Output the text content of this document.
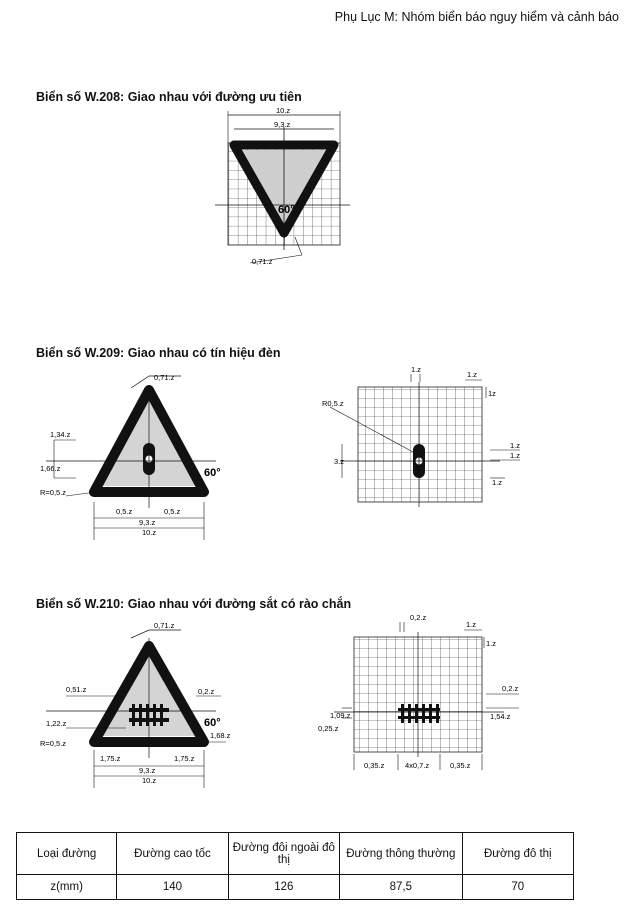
Phụ Lục M: Nhóm biển báo nguy hiểm và cảnh báo
Biển số W.208: Giao nhau với đường ưu tiên
10.z
9,3.z
0,71.z
60°
Biển số W.209: Giao nhau có tín hiệu đèn
0,71.z
1,34.z
1,66.z
R=0,5.z
60°
0,5.z	0,5.z
9,3.z
10.z
1.z
1.z
1z
R0,5.z
3.z
1.z
1.z
1.z
Biển số W.210: Giao nhau với đường sắt có rào chắn
0,71.z
0,51.z
1,22.z
R=0,5.z
0,2.z
60°
1,68.z
1,75.z	1,75.z
9,3.z
10.z
0,2.z
1.z
1.z
0,2.z
1,09.z
0,25.z
1,54.z
0,35.z	4x0,7.z	0,35.z
Loại đường	Đường cao tốc	Đường đôi ngoài đô thị	Đường thông thường	Đường đô thị
z(mm)	140	126	87,5	70
